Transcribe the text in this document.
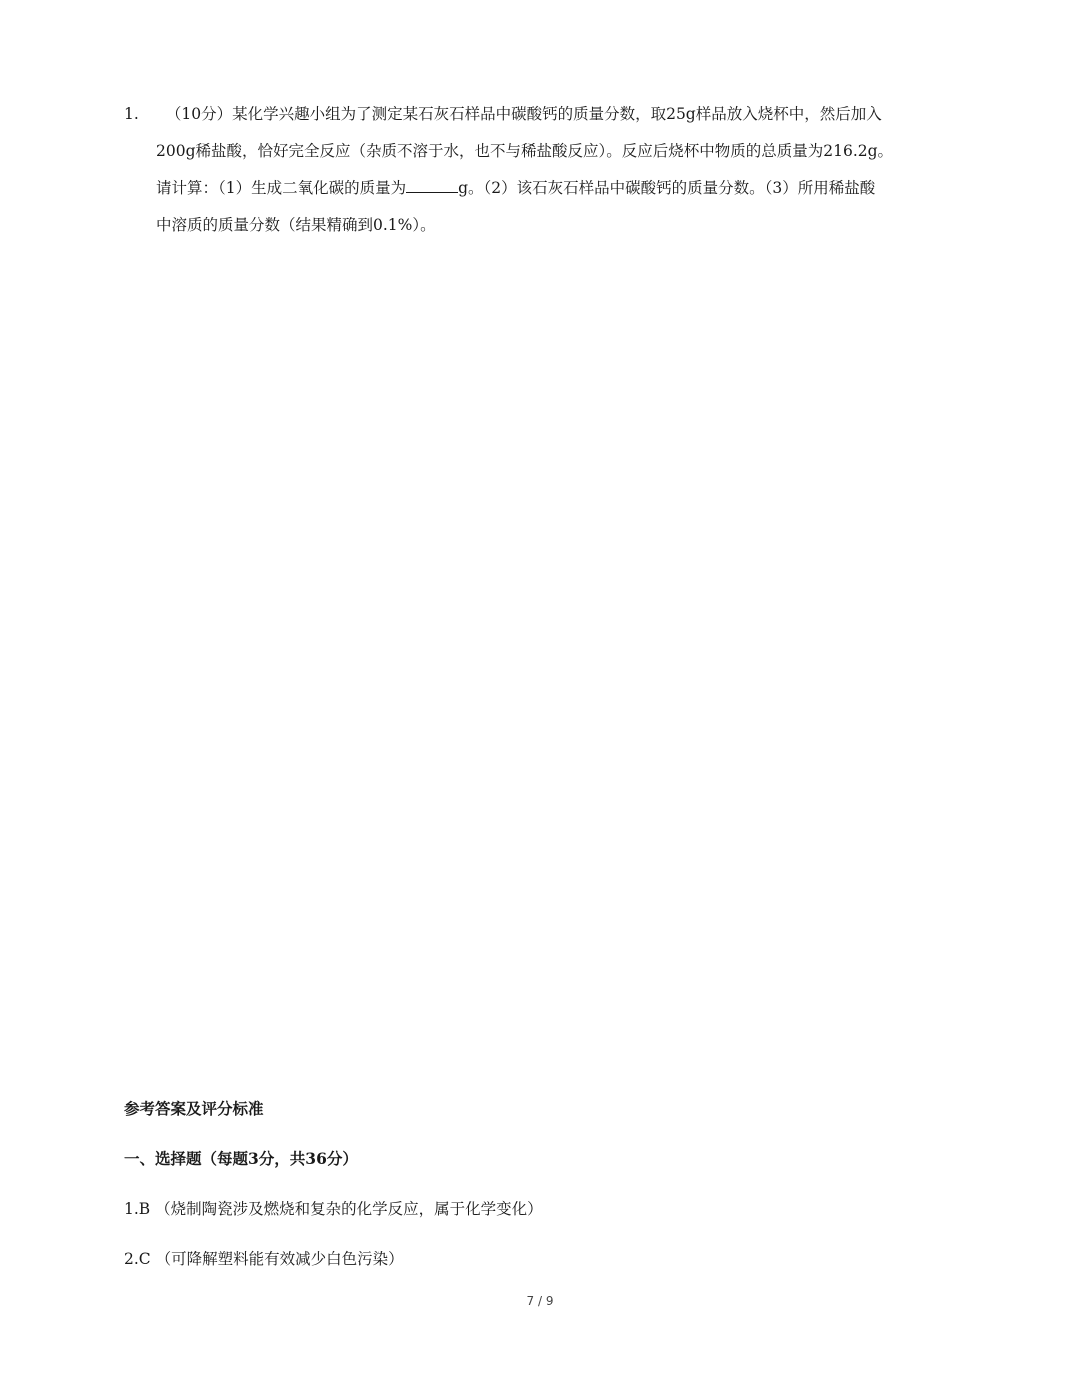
1.	（10分）某化学兴趣小组为了测定某石灰石样品中碳酸钙的质量分数，取25g样品放入烧杯中，然后加入
200g稀盐酸，恰好完全反应（杂质不溶于水，也不与稀盐酸反应）。反应后烧杯中物质的总质量为216.2g。
请计算：（1）生成二氧化碳的质量为	g。（2）该石灰石样品中碳酸钙的质量分数。（3）所用稀盐酸
中溶质的质量分数（结果精确到0.1%）。
参考答案及评分标准
一、选择题（每题3分，共36分）
1.B （烧制陶瓷涉及燃烧和复杂的化学反应，属于化学变化）
2.C （可降解塑料能有效减少白色污染）
7 / 9
